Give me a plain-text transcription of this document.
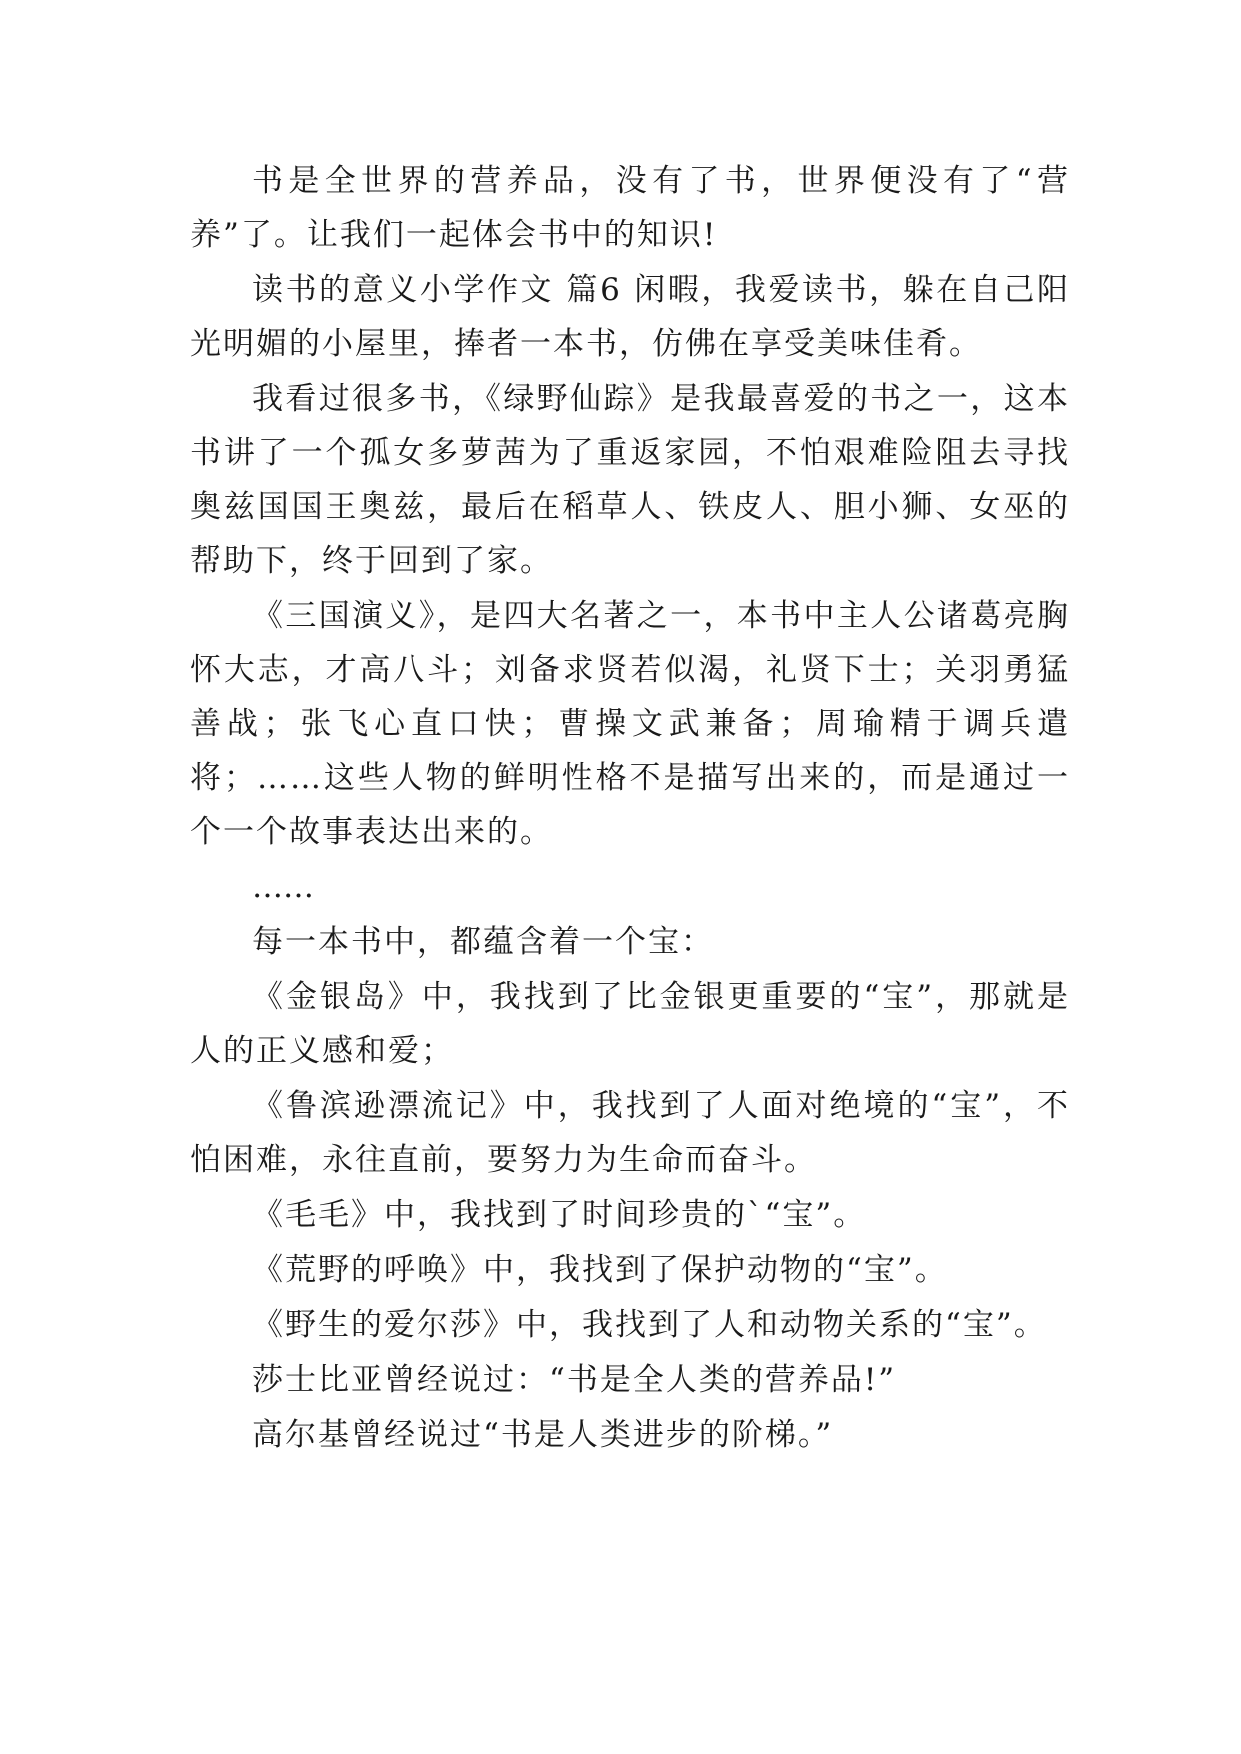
书是全世界的营养品，没有了书，世界便没有了“营养”了。让我们一起体会书中的知识!

读书的意义小学作文 篇6 闲暇，我爱读书，躲在自己阳光明媚的小屋里，捧者一本书，仿佛在享受美味佳肴。

我看过很多书，《绿野仙踪》是我最喜爱的书之一，这本书讲了一个孤女多萝茜为了重返家园，不怕艰难险阻去寻找奥兹国国王奥兹，最后在稻草人、铁皮人、胆小狮、女巫的帮助下，终于回到了家。

《三国演义》，是四大名著之一，本书中主人公诸葛亮胸怀大志，才高八斗；刘备求贤若似渴，礼贤下士；关羽勇猛善战；张飞心直口快；曹操文武兼备；周瑜精于调兵遣将；……这些人物的鲜明性格不是描写出来的，而是通过一个一个故事表达出来的。

……

每一本书中，都蕴含着一个宝：

《金银岛》中，我找到了比金银更重要的“宝”，那就是人的正义感和爱；

《鲁滨逊漂流记》中，我找到了人面对绝境的“宝”，不怕困难，永往直前，要努力为生命而奋斗。

《毛毛》中，我找到了时间珍贵的`“宝”。

《荒野的呼唤》中，我找到了保护动物的“宝”。

《野生的爱尔莎》中，我找到了人和动物关系的“宝”。

莎士比亚曾经说过：“书是全人类的营养品!”

高尔基曾经说过“书是人类进步的阶梯。”
